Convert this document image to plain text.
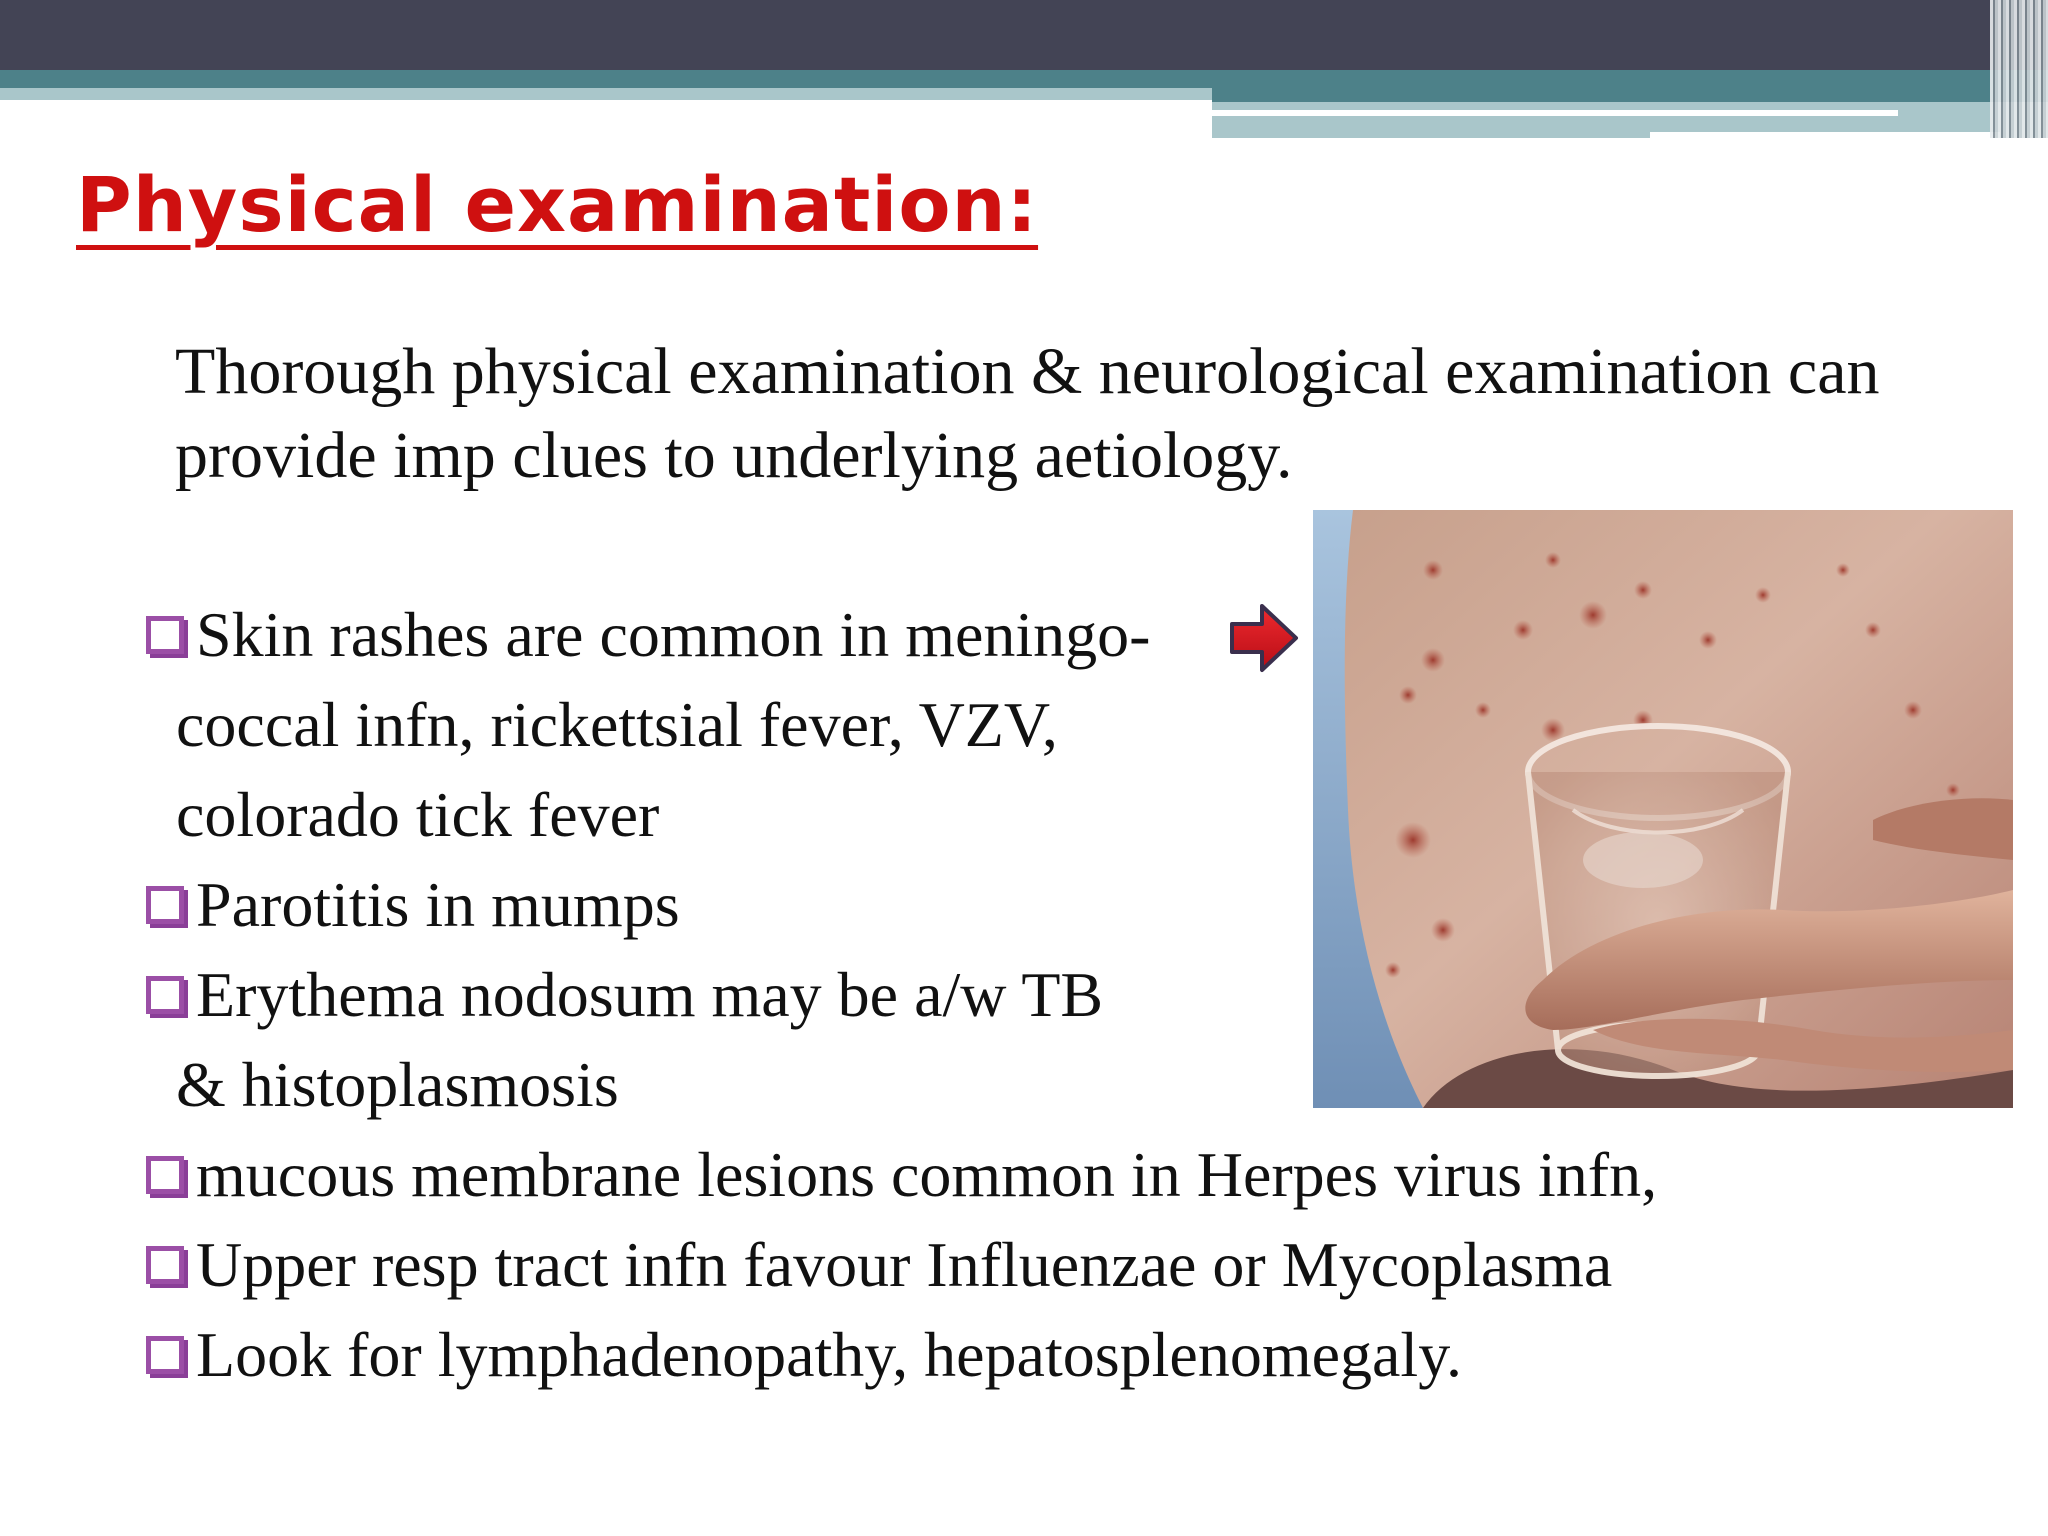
Physical examination:

Thorough physical examination & neurological examination can provide imp clues to underlying aetiology.

Skin rashes are common in meningo-
coccal infn, rickettsial fever, VZV,
colorado tick fever
Parotitis in mumps
Erythema nodosum may be a/w TB
& histoplasmosis
mucous membrane lesions common in Herpes virus infn,
Upper resp tract infn favour Influenzae or Mycoplasma
Look for lymphadenopathy, hepatosplenomegaly.
